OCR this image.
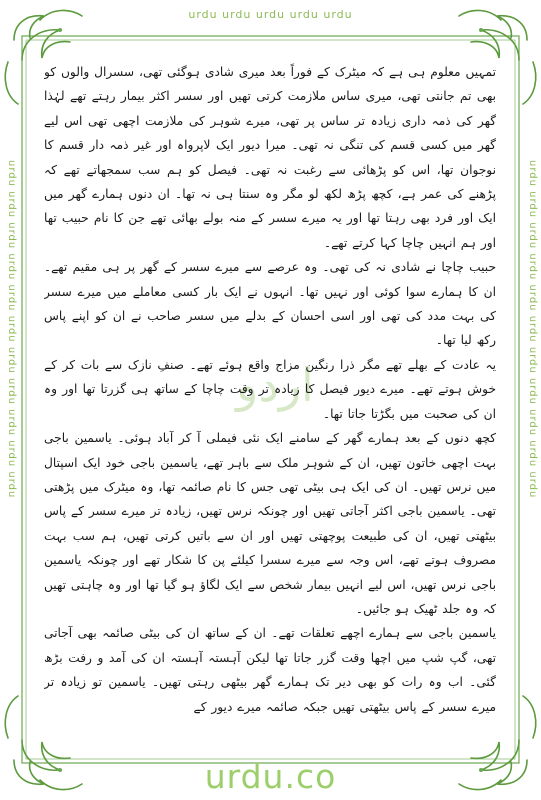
urdu urdu urdu urdu urdu
urdu urdu urdu urdu urdu urdu urdu urdu urdu urdu urdu	urdu urdu urdu urdu urdu urdu urdu urdu urdu urdu urdu
اردو

تمہیں معلوم ہی ہے کہ میٹرک کے فوراً بعد میری شادی ہوگئی تھی، سسرال والوں کو بھی تم جانتی تھی، میری ساس ملازمت کرتی تھیں اور سسر اکثر بیمار رہتے تھے لہٰذا گھر کی ذمہ داری زیادہ تر ساس پر تھی، میرے شوہر کی ملازمت اچھی تھی اس لیے گھر میں کسی قسم کی تنگی نہ تھی۔ میرا دیور ایک لاپرواہ اور غیر ذمہ دار قسم کا نوجوان تھا، اس کو پڑھائی سے رغبت نہ تھی۔ فیصل کو ہم سب سمجھاتے تھے کہ پڑھنے کی عمر ہے، کچھ پڑھ لکھ لو مگر وہ سنتا ہی نہ تھا۔ ان دنوں ہمارے گھر میں ایک اور فرد بھی رہتا تھا اور یہ میرے سسر کے منہ بولے بھائی تھے جن کا نام حبیب تھا اور ہم انہیں چاچا کہا کرتے تھے۔

حبیب چاچا نے شادی نہ کی تھی۔ وہ عرصے سے میرے سسر کے گھر پر ہی مقیم تھے۔ ان کا ہمارے سوا کوئی اور نہیں تھا۔ انہوں نے ایک بار کسی معاملے میں میرے سسر کی بہت مدد کی تھی اور اسی احسان کے بدلے میں سسر صاحب نے ان کو اپنے پاس رکھ لیا تھا۔

یہ عادت کے بھلے تھے مگر ذرا رنگین مزاج واقع ہوئے تھے۔ صنفِ نازک سے بات کر کے خوش ہوتے تھے۔ میرے دیور فیصل کا زیادہ تر وقت چاچا کے ساتھ ہی گزرتا تھا اور وہ ان کی صحبت میں بگڑتا جاتا تھا۔

کچھ دنوں کے بعد ہمارے گھر کے سامنے ایک نئی فیملی آ کر آباد ہوئی۔ یاسمین باجی بہت اچھی خاتون تھیں، ان کے شوہر ملک سے باہر تھے، یاسمین باجی خود ایک اسپتال میں نرس تھیں۔ ان کی ایک ہی بیٹی تھی جس کا نام صائمہ تھا، وہ میٹرک میں پڑھتی تھی۔ یاسمین باجی اکثر آجاتی تھیں اور چونکہ نرس تھیں، زیادہ تر میرے سسر کے پاس بیٹھتی تھیں، ان کی طبیعت پوچھتی تھیں اور ان سے باتیں کرتی تھیں، ہم سب بہت مصروف ہوتے تھے، اس وجہ سے میرے سسرا کیلئے پن کا شکار تھے اور چونکہ یاسمین باجی نرس تھیں، اس لیے انہیں بیمار شخص سے ایک لگاؤ ہو گیا تھا اور وہ چاہتی تھیں کہ وہ جلد ٹھیک ہو جائیں۔

یاسمین باجی سے ہمارے اچھے تعلقات تھے۔ ان کے ساتھ ان کی بیٹی صائمہ بھی آجاتی تھی، گپ شپ میں اچھا وقت گزر جاتا تھا لیکن آہستہ آہستہ ان کی آمد و رفت بڑھ گئی۔ اب وہ رات کو بھی دیر تک ہمارے گھر بیٹھی رہتی تھیں۔ یاسمین تو زیادہ تر میرے سسر کے پاس بیٹھتی تھیں جبکہ صائمہ میرے دیور کے

urdu.co
